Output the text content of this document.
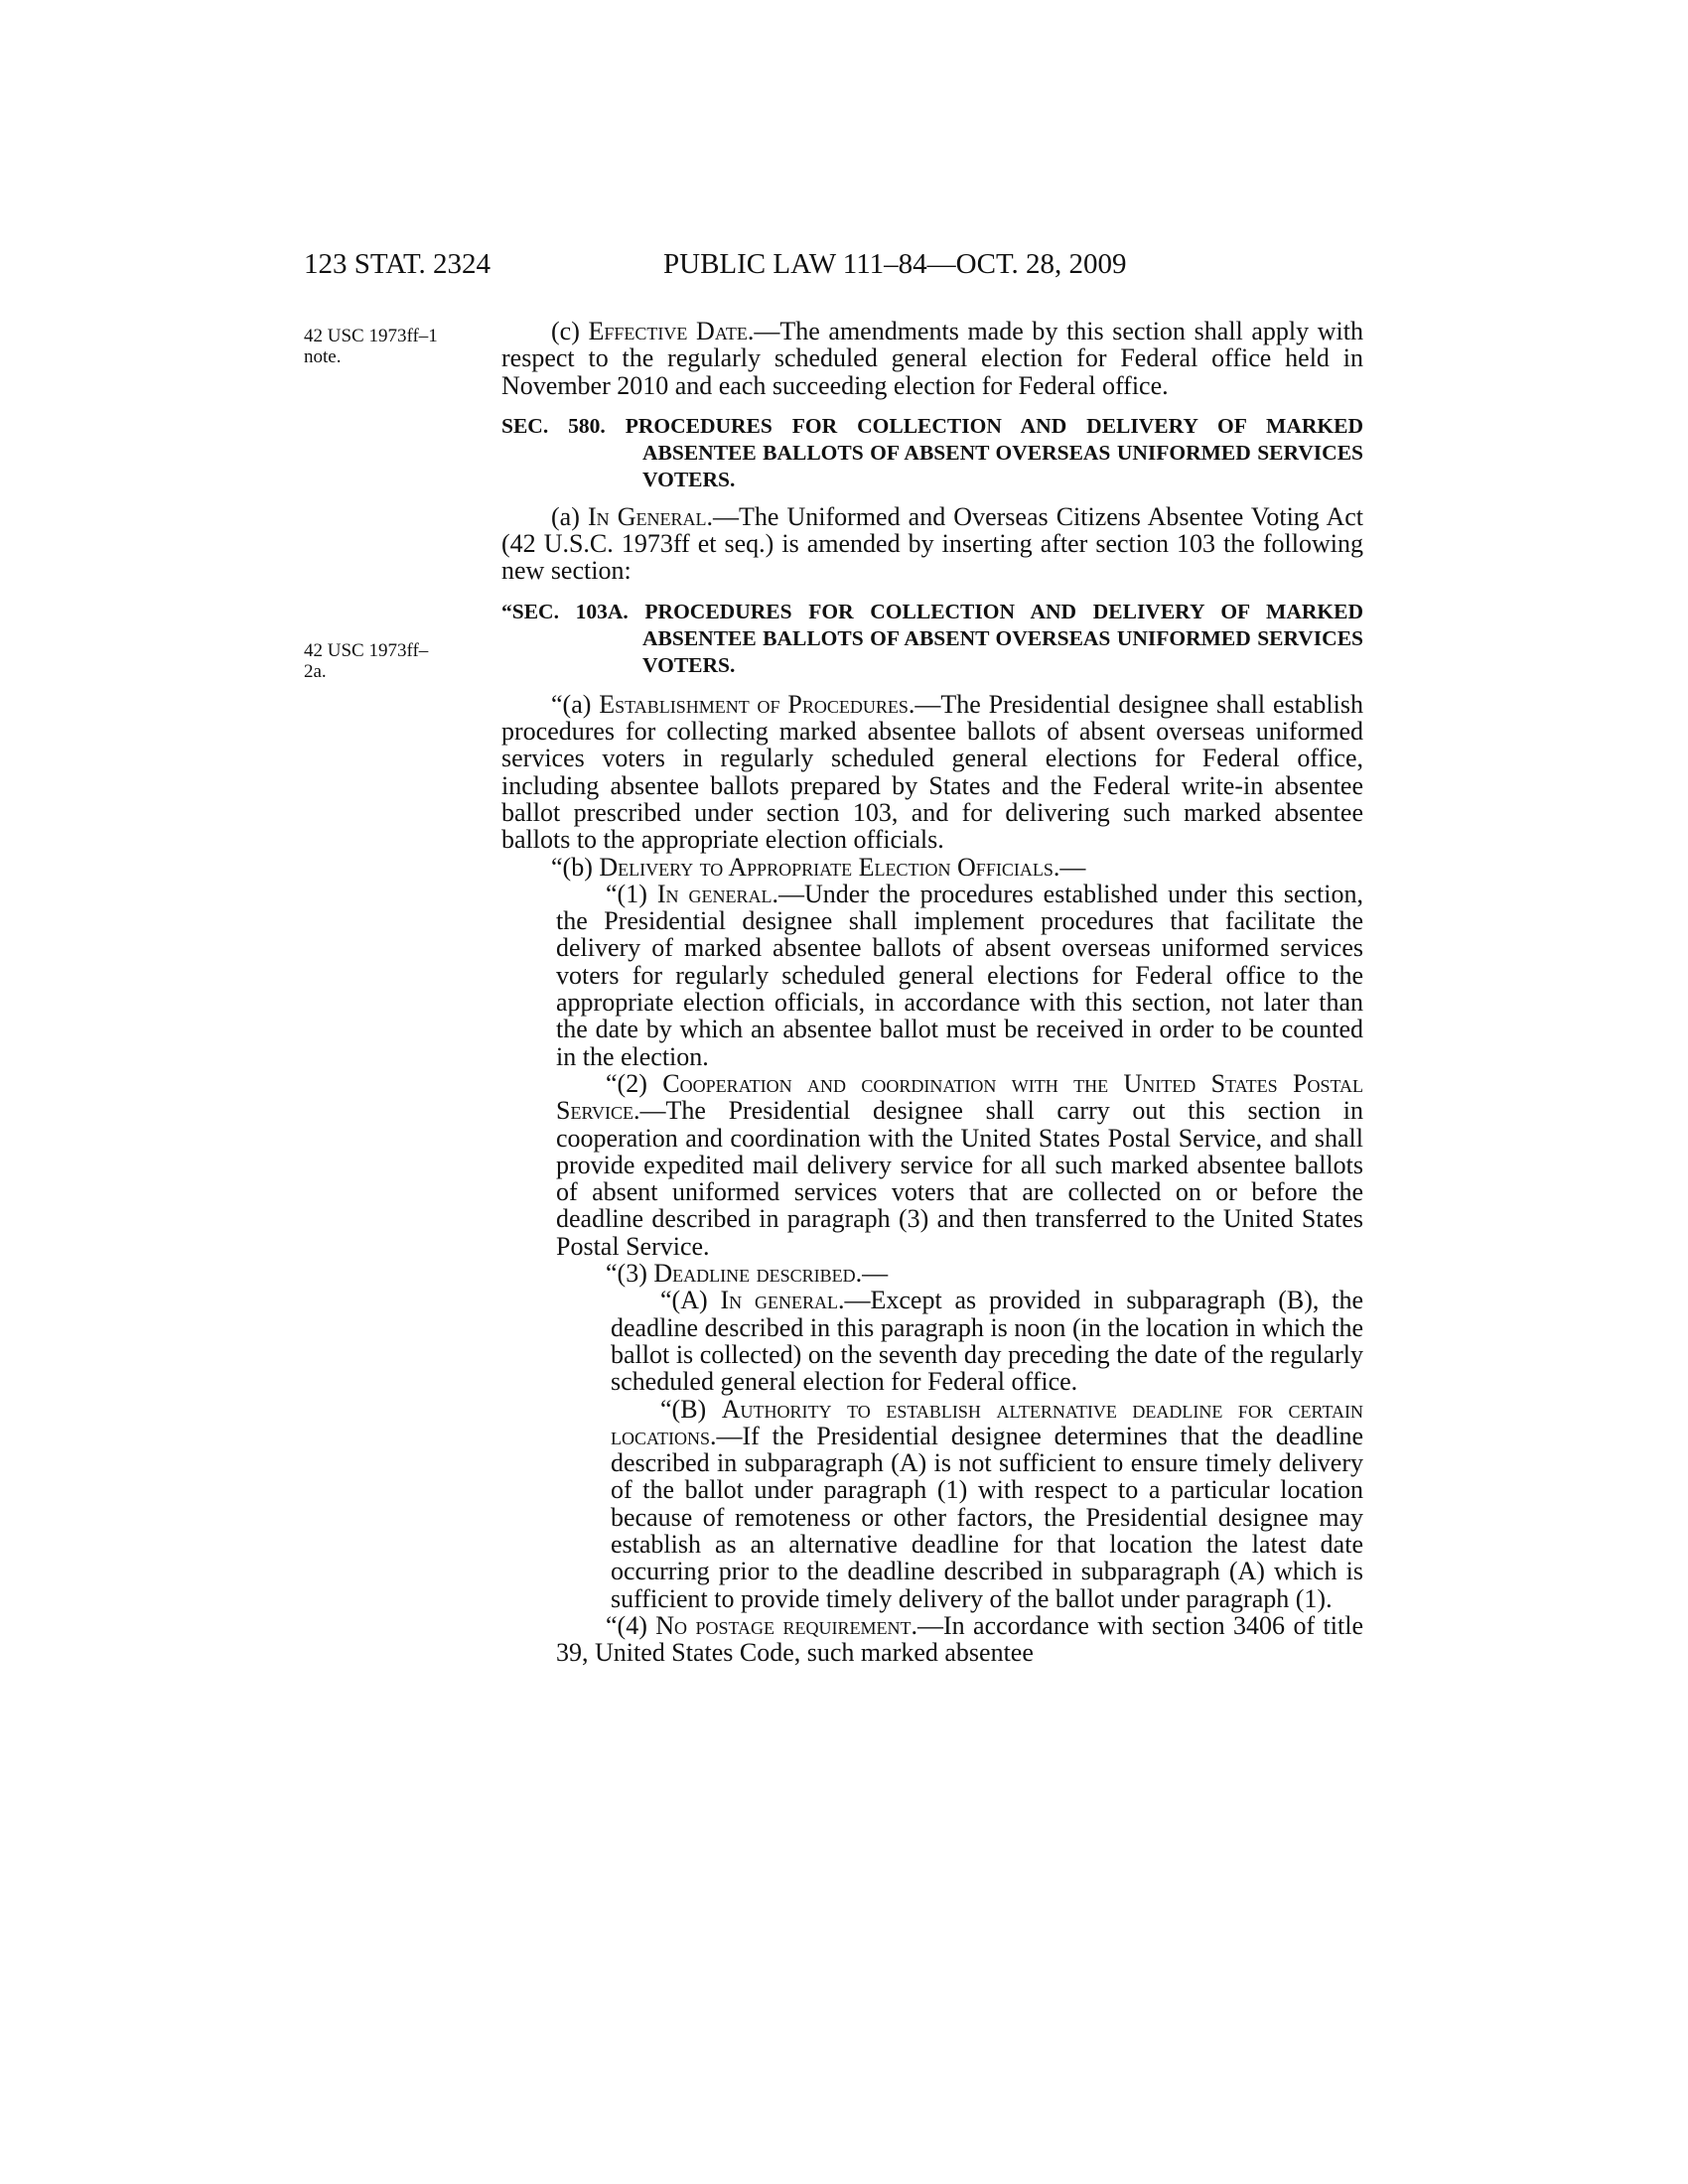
123 STAT. 2324	PUBLIC LAW 111–84—OCT. 28, 2009
42 USC 1973ff–1 note.
42 USC 1973ff–2a.

(c) Effective Date.—The amendments made by this section shall apply with respect to the regularly scheduled general election for Federal office held in November 2010 and each succeeding election for Federal office.

SEC. 580. PROCEDURES FOR COLLECTION AND DELIVERY OF MARKED ABSENTEE BALLOTS OF ABSENT OVERSEAS UNIFORMED SERVICES VOTERS.

(a) In General.—The Uniformed and Overseas Citizens Absentee Voting Act (42 U.S.C. 1973ff et seq.) is amended by inserting after section 103 the following new section:

“SEC. 103A. PROCEDURES FOR COLLECTION AND DELIVERY OF MARKED ABSENTEE BALLOTS OF ABSENT OVERSEAS UNIFORMED SERVICES VOTERS.

“(a) Establishment of Procedures.—The Presidential designee shall establish procedures for collecting marked absentee ballots of absent overseas uniformed services voters in regularly scheduled general elections for Federal office, including absentee ballots prepared by States and the Federal write-in absentee ballot prescribed under section 103, and for delivering such marked absentee ballots to the appropriate election officials.

“(b) Delivery to Appropriate Election Officials.—

“(1) In general.—Under the procedures established under this section, the Presidential designee shall implement procedures that facilitate the delivery of marked absentee ballots of absent overseas uniformed services voters for regularly scheduled general elections for Federal office to the appropriate election officials, in accordance with this section, not later than the date by which an absentee ballot must be received in order to be counted in the election.

“(2) Cooperation and coordination with the United States Postal Service.—The Presidential designee shall carry out this section in cooperation and coordination with the United States Postal Service, and shall provide expedited mail delivery service for all such marked absentee ballots of absent uniformed services voters that are collected on or before the deadline described in paragraph (3) and then transferred to the United States Postal Service.

“(3) Deadline described.—

“(A) In general.—Except as provided in subparagraph (B), the deadline described in this paragraph is noon (in the location in which the ballot is collected) on the seventh day preceding the date of the regularly scheduled general election for Federal office.

“(B) Authority to establish alternative deadline for certain locations.—If the Presidential designee determines that the deadline described in subparagraph (A) is not sufficient to ensure timely delivery of the ballot under paragraph (1) with respect to a particular location because of remoteness or other factors, the Presidential designee may establish as an alternative deadline for that location the latest date occurring prior to the deadline described in subparagraph (A) which is sufficient to provide timely delivery of the ballot under paragraph (1).

“(4) No postage requirement.—In accordance with section 3406 of title 39, United States Code, such marked absentee
